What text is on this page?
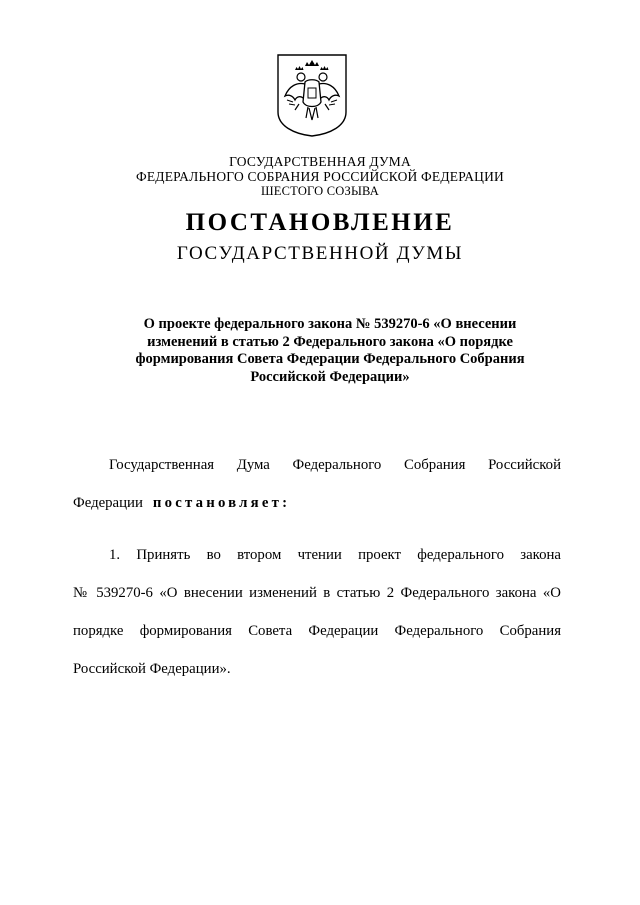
ГОСУДАРСТВЕННАЯ ДУМА
ФЕДЕРАЛЬНОГО СОБРАНИЯ РОССИЙСКОЙ ФЕДЕРАЦИИ
ШЕСТОГО СОЗЫВА
ПОСТАНОВЛЕНИЕ
ГОСУДАРСТВЕННОЙ ДУМЫ
О проекте федерального закона № 539270-6 «О внесении
изменений в статью 2 Федерального закона «О порядке
формирования Совета Федерации Федерального Собрания
Российской Федерации»
Государственная Дума Федерального Собрания Российской
Федерации постановляет:
1. Принять во втором чтении проект федерального закона
№ 539270-6 «О внесении изменений в статью 2 Федерального закона «О
порядке формирования Совета Федерации Федерального Собрания
Российской Федерации».
